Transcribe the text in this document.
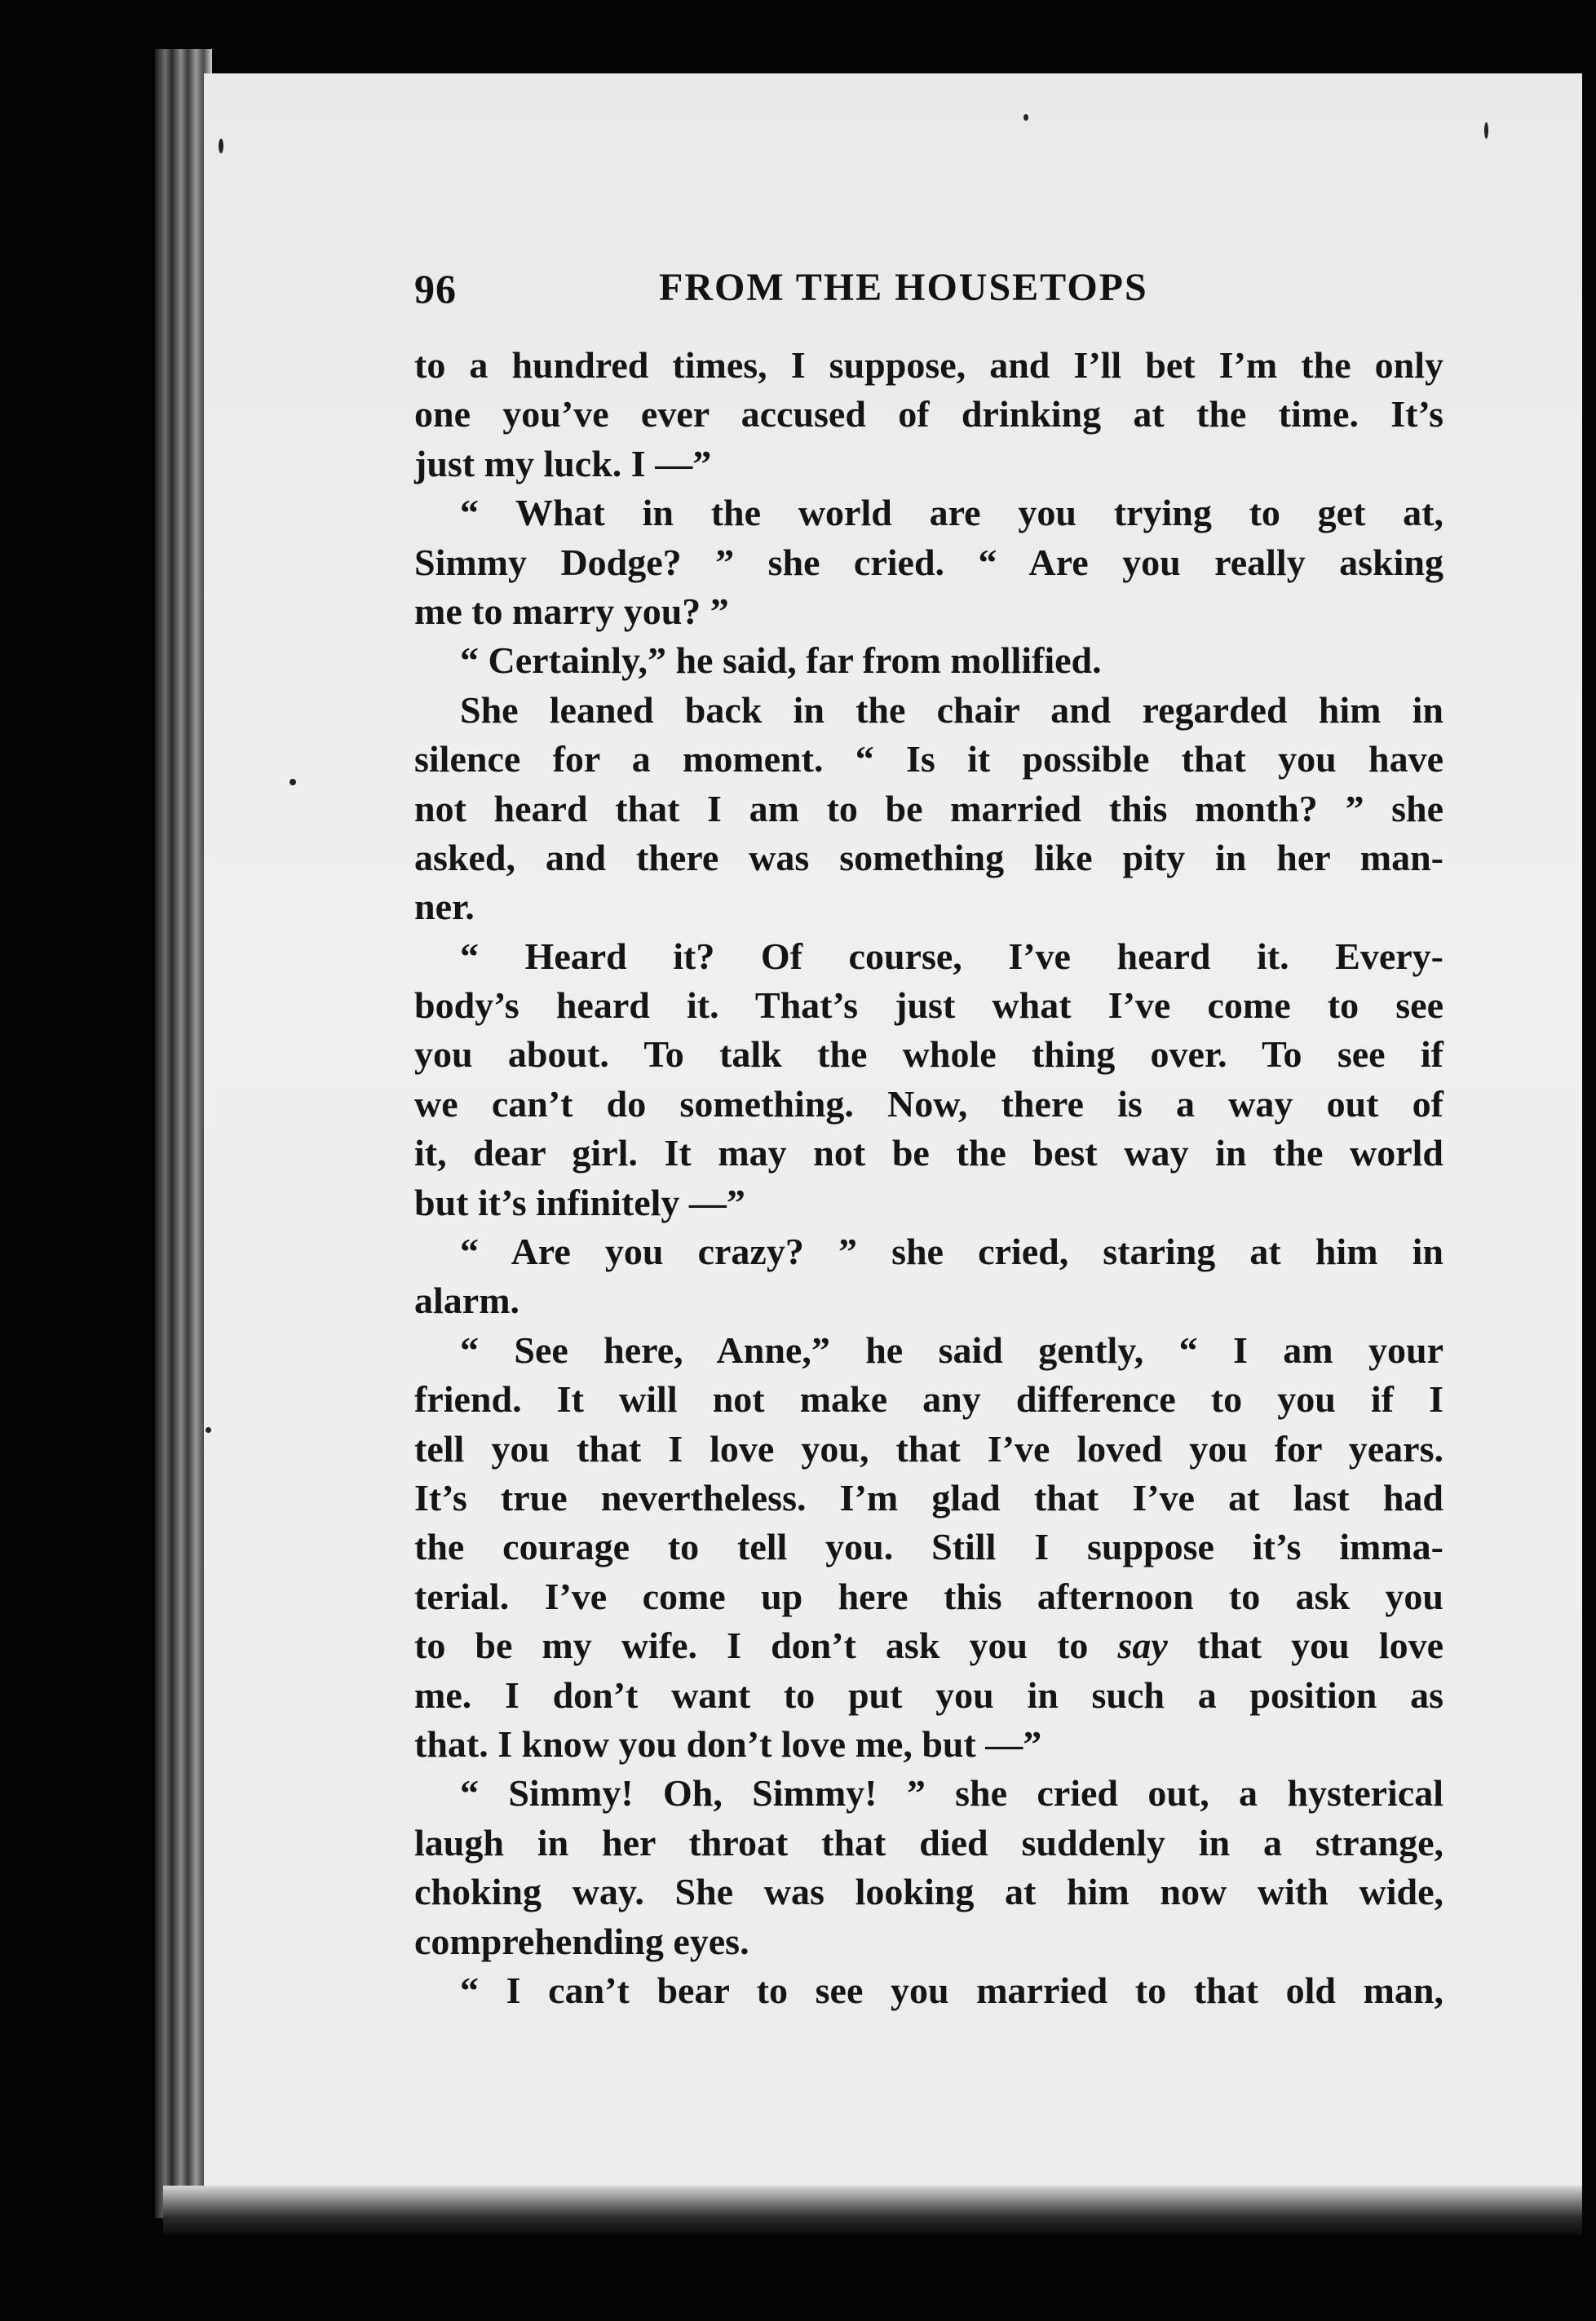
96	FROM THE HOUSETOPS
to a hundred times, I suppose, and I’ll bet I’m the only
one you’ve ever accused of drinking at the time. It’s
just my luck. I —”
“ What in the world are you trying to get at,
Simmy Dodge? ” she cried. “ Are you really asking
me to marry you? ”
“ Certainly,” he said, far from mollified.
She leaned back in the chair and regarded him in
silence for a moment. “ Is it possible that you have
not heard that I am to be married this month? ” she
asked, and there was something like pity in her man-
ner.
“ Heard it? Of course, I’ve heard it. Every-
body’s heard it. That’s just what I’ve come to see
you about. To talk the whole thing over. To see if
we can’t do something. Now, there is a way out of
it, dear girl. It may not be the best way in the world
but it’s infinitely —”
“ Are you crazy? ” she cried, staring at him in
alarm.
“ See here, Anne,” he said gently, “ I am your
friend. It will not make any difference to you if I
tell you that I love you, that I’ve loved you for years.
It’s true nevertheless. I’m glad that I’ve at last had
the courage to tell you. Still I suppose it’s imma-
terial. I’ve come up here this afternoon to ask you
to be my wife. I don’t ask you to say that you love
me. I don’t want to put you in such a position as
that. I know you don’t love me, but —”
“ Simmy! Oh, Simmy! ” she cried out, a hysterical
laugh in her throat that died suddenly in a strange,
choking way. She was looking at him now with wide,
comprehending eyes.
“ I can’t bear to see you married to that old man,
